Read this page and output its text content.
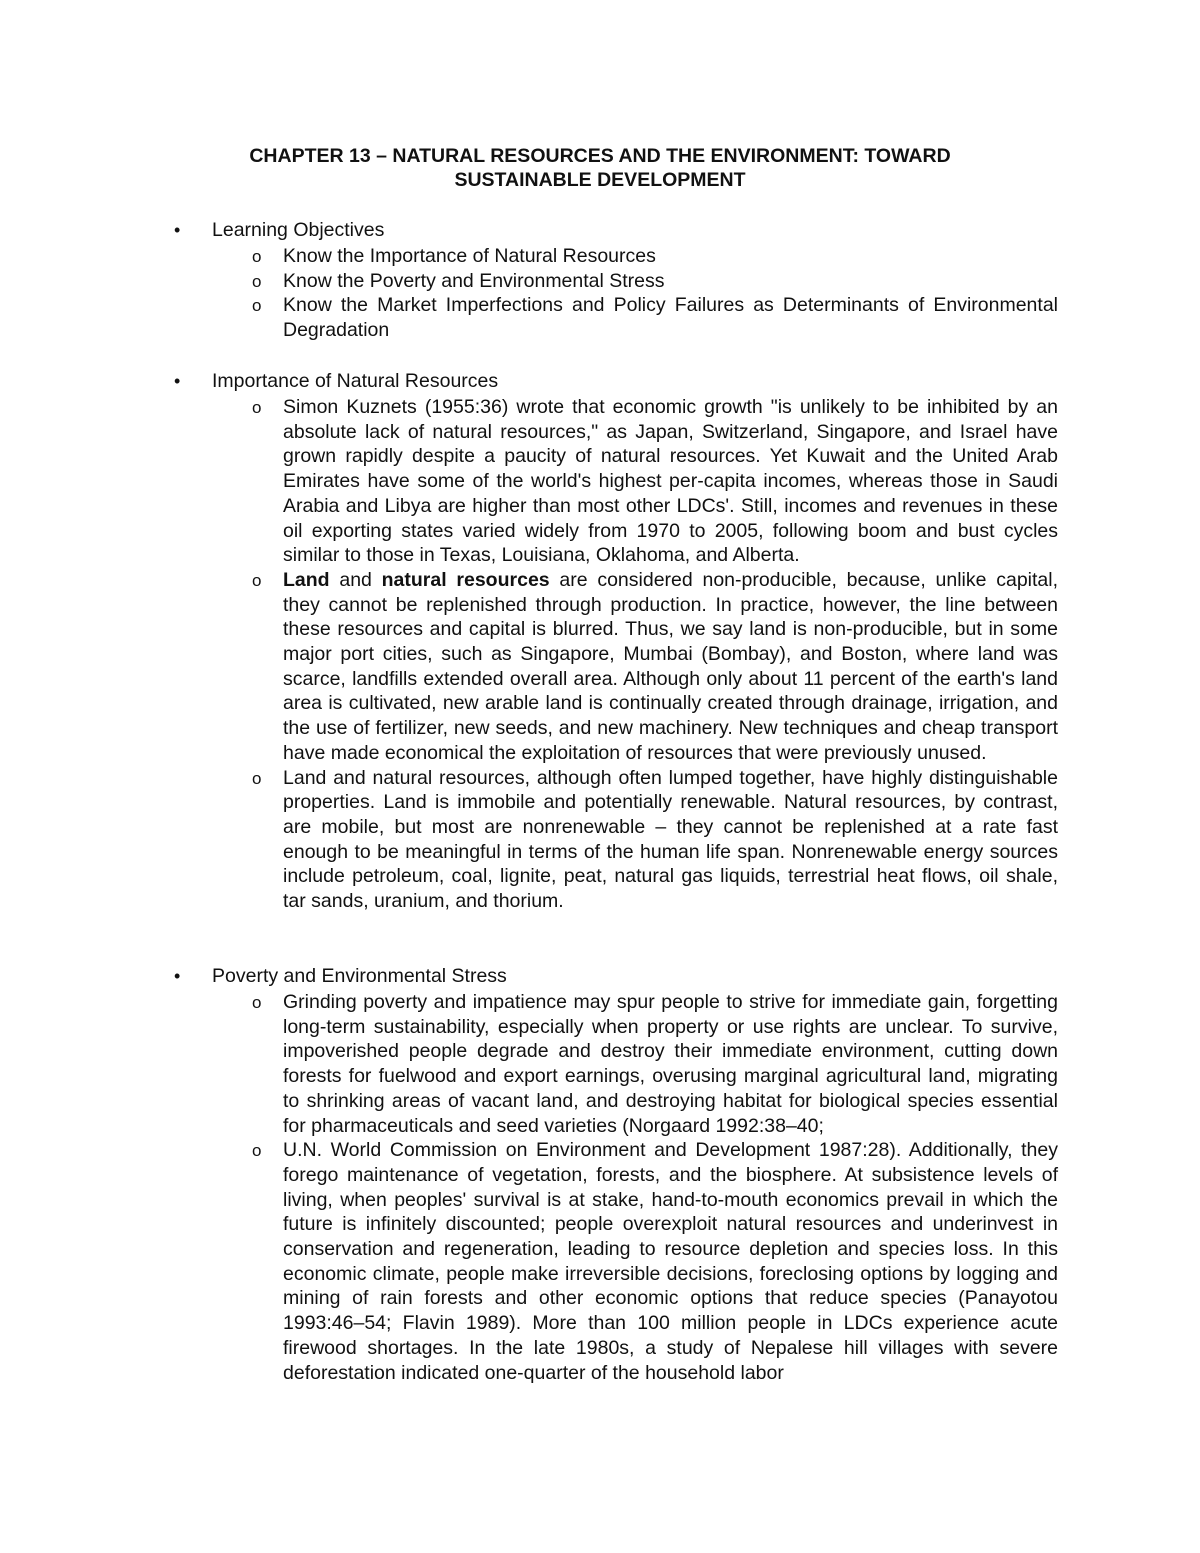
CHAPTER 13 – NATURAL RESOURCES AND THE ENVIRONMENT: TOWARD
SUSTAINABLE DEVELOPMENT
• Learning Objectives
o Know the Importance of Natural Resources
o Know the Poverty and Environmental Stress
o Know the Market Imperfections and Policy Failures as Determinants of Environmental Degradation
• Importance of Natural Resources
o Simon Kuznets (1955:36) wrote that economic growth "is unlikely to be inhibited by an absolute lack of natural resources," as Japan, Switzerland, Singapore, and Israel have grown rapidly despite a paucity of natural resources. Yet Kuwait and the United Arab Emirates have some of the world's highest per-capita incomes, whereas those in Saudi Arabia and Libya are higher than most other LDCs'. Still, incomes and revenues in these oil exporting states varied widely from 1970 to 2005, following boom and bust cycles similar to those in Texas, Louisiana, Oklahoma, and Alberta.
o Land and natural resources are considered non-producible, because, unlike capital, they cannot be replenished through production. In practice, however, the line between these resources and capital is blurred. Thus, we say land is non-producible, but in some major port cities, such as Singapore, Mumbai (Bombay), and Boston, where land was scarce, landfills extended overall area. Although only about 11 percent of the earth's land area is cultivated, new arable land is continually created through drainage, irrigation, and the use of fertilizer, new seeds, and new machinery. New techniques and cheap transport have made economical the exploitation of resources that were previously unused.
o Land and natural resources, although often lumped together, have highly distinguishable properties. Land is immobile and potentially renewable. Natural resources, by contrast, are mobile, but most are nonrenewable – they cannot be replenished at a rate fast enough to be meaningful in terms of the human life span. Nonrenewable energy sources include petroleum, coal, lignite, peat, natural gas liquids, terrestrial heat flows, oil shale, tar sands, uranium, and thorium.
• Poverty and Environmental Stress
o Grinding poverty and impatience may spur people to strive for immediate gain, forgetting long-term sustainability, especially when property or use rights are unclear. To survive, impoverished people degrade and destroy their immediate environment, cutting down forests for fuelwood and export earnings, overusing marginal agricultural land, migrating to shrinking areas of vacant land, and destroying habitat for biological species essential for pharmaceuticals and seed varieties (Norgaard 1992:38–40;
o U.N. World Commission on Environment and Development 1987:28). Additionally, they forego maintenance of vegetation, forests, and the biosphere. At subsistence levels of living, when peoples' survival is at stake, hand-to-mouth economics prevail in which the future is infinitely discounted; people overexploit natural resources and underinvest in conservation and regeneration, leading to resource depletion and species loss. In this economic climate, people make irreversible decisions, foreclosing options by logging and mining of rain forests and other economic options that reduce species (Panayotou 1993:46–54; Flavin 1989). More than 100 million people in LDCs experience acute firewood shortages. In the late 1980s, a study of Nepalese hill villages with severe deforestation indicated one-quarter of the household labor
